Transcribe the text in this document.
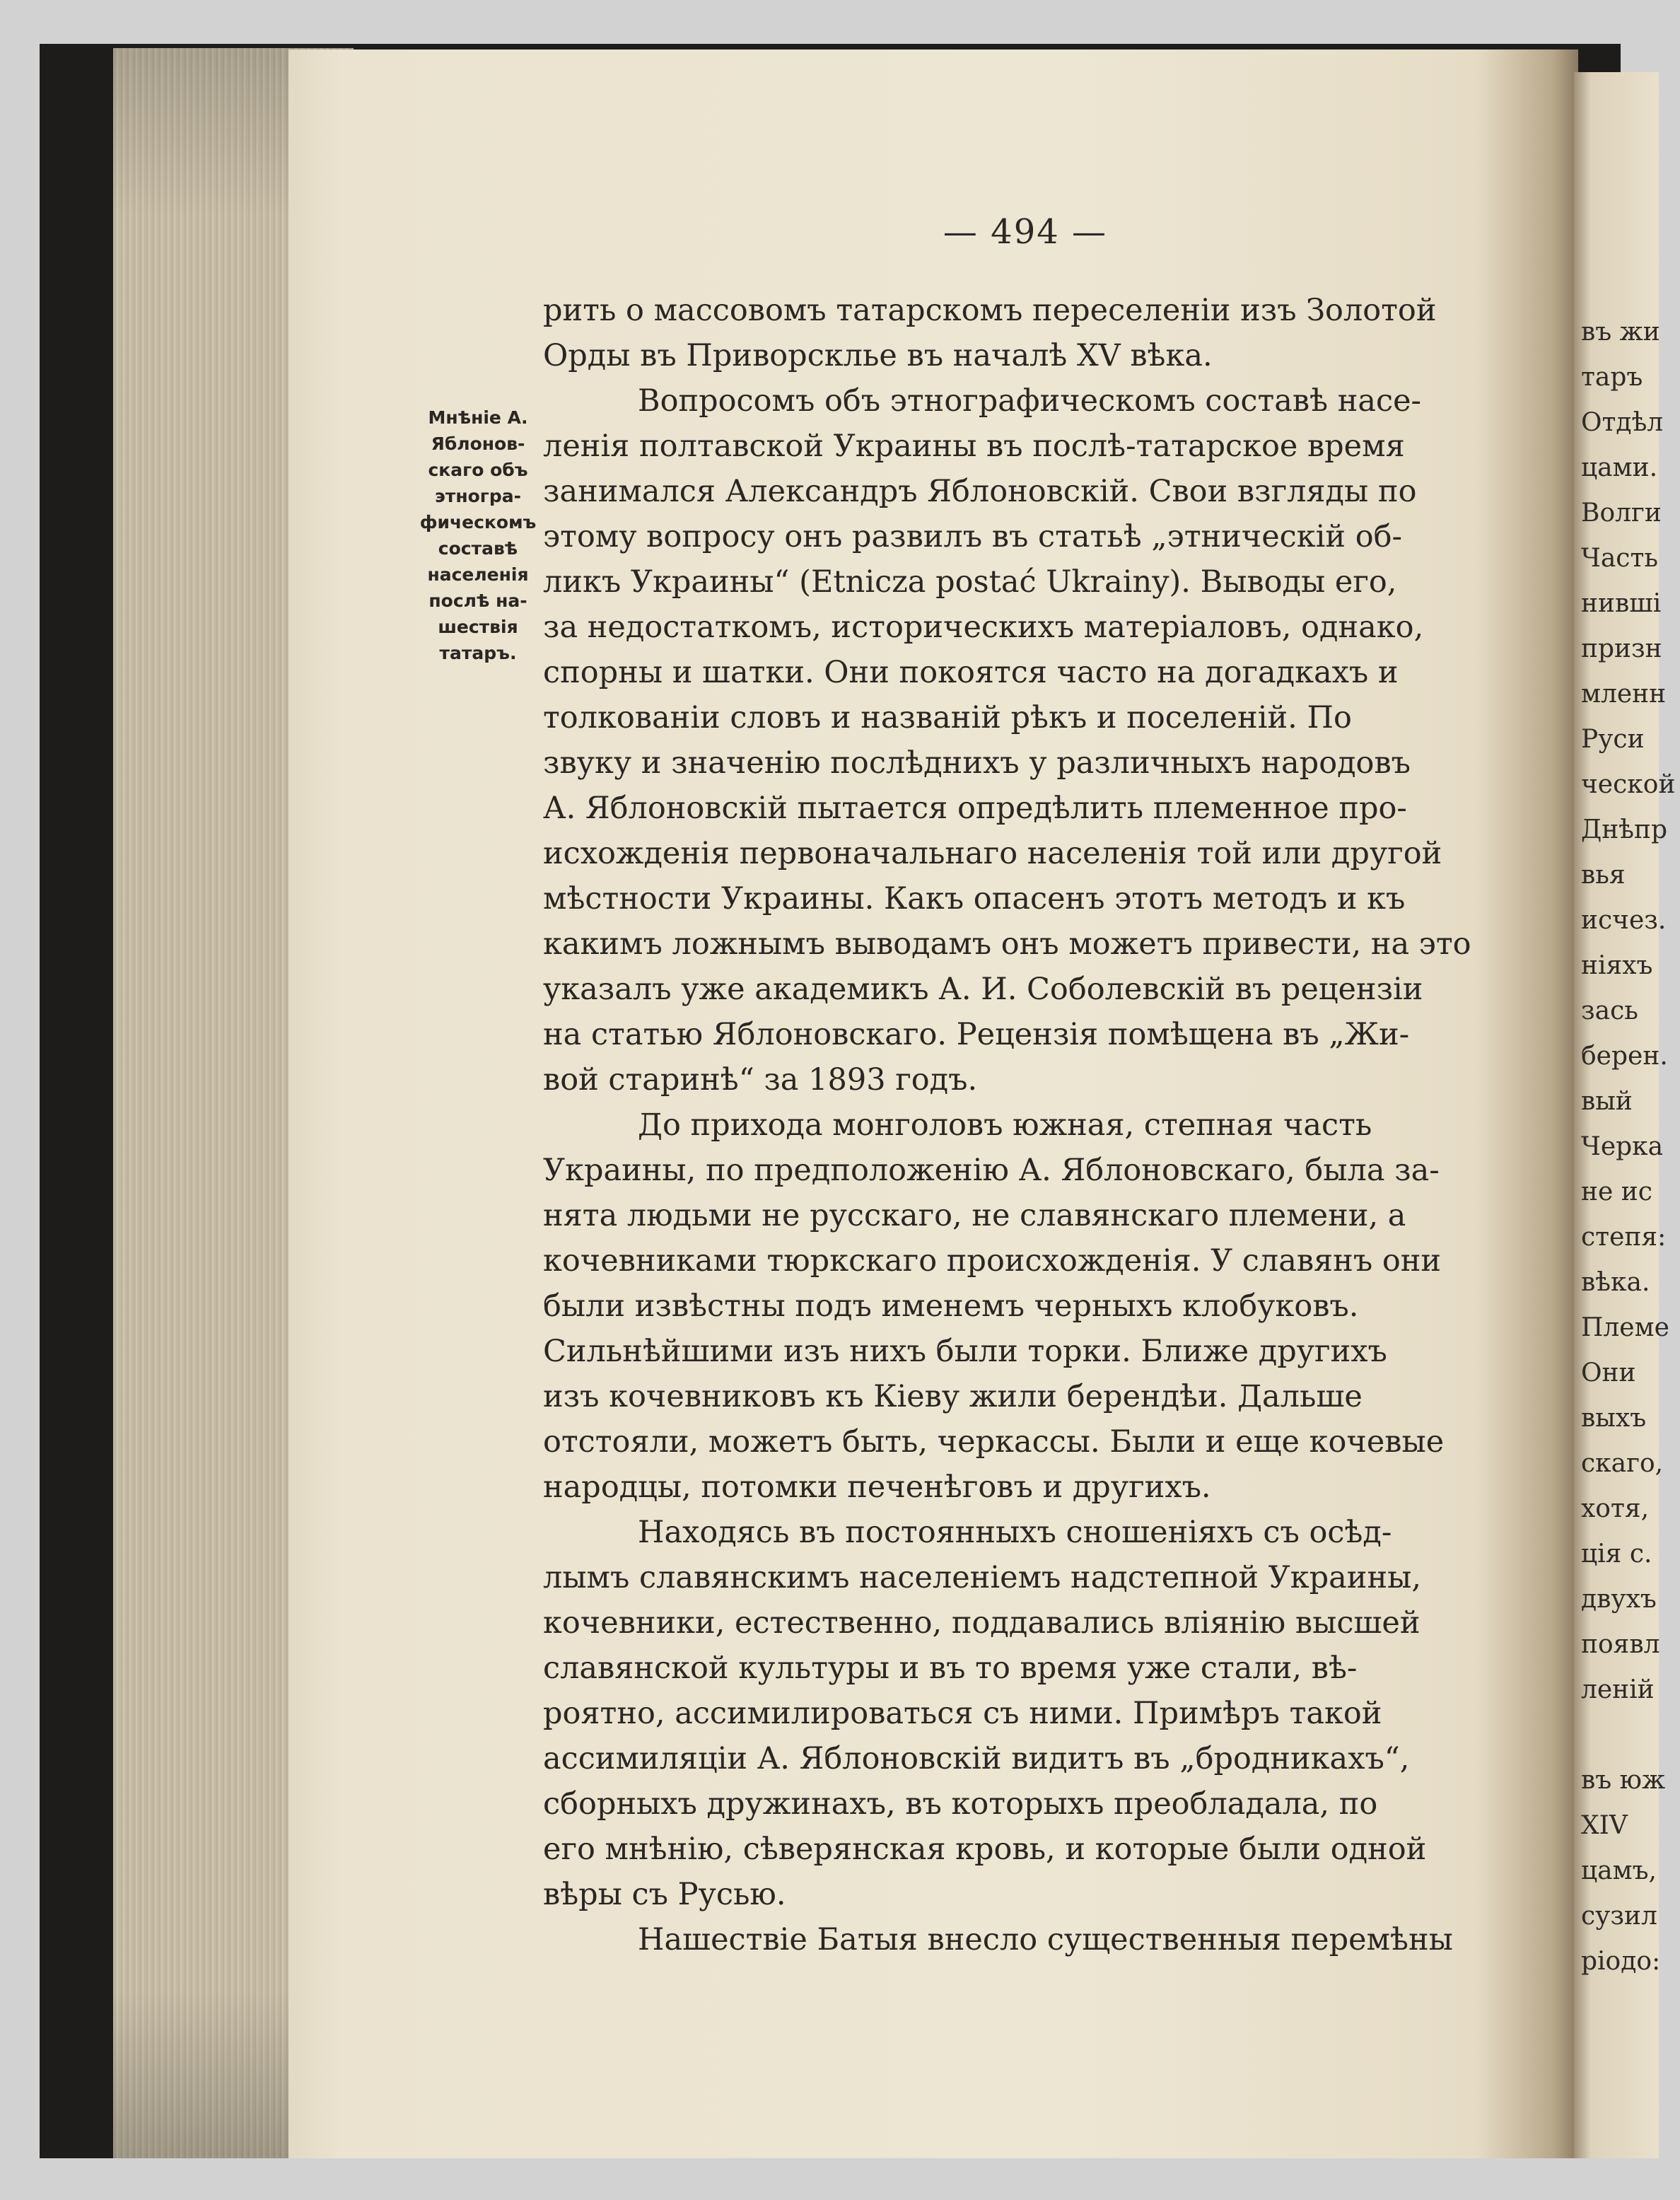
въ жи
таръ
Отдѣл
цами.
Волги
Часть
нивші
призн
мленн
Руси
ческой
Днѣпр
вья
исчез.
ніяхъ
зась
берен.
вый
Черка
не ис
степя:
вѣка.
Племе
Они
выхъ
скаго,
хотя,
ція с.
двухъ
появл
леній
въ юж
XIV
цамъ,
сузил
ріодо:
— 494 —
Мнѣніе А.
Яблонов-
скаго объ
этногра-
фическомъ
составѣ
населенія
послѣ на-
шествія
татаръ.
рить о массовомъ татарскомъ переселеніи изъ Золотой
Орды въ Приворсклье въ началѣ XV вѣка.
Вопросомъ объ этнографическомъ составѣ насе-
ленія полтавской Украины въ послѣ-татарское время
занимался Александръ Яблоновскій. Свои взгляды по
этому вопросу онъ развилъ въ статьѣ „этническій об-
ликъ Украины“ (Etnicza postać Ukrainy). Выводы его,
за недостаткомъ, историческихъ матеріаловъ, однако,
спорны и шатки. Они покоятся часто на догадкахъ и
толкованіи словъ и названій рѣкъ и поселеній. По
звуку и значенію послѣднихъ у различныхъ народовъ
А. Яблоновскій пытается опредѣлить племенное про-
исхожденія первоначальнаго населенія той или другой
мѣстности Украины. Какъ опасенъ этотъ методъ и къ
какимъ ложнымъ выводамъ онъ можетъ привести, на это
указалъ уже академикъ А. И. Соболевскій въ рецензіи
на статью Яблоновскаго. Рецензія помѣщена въ „Жи-
вой старинѣ“ за 1893 годъ.
До прихода монголовъ южная, степная часть
Украины, по предположенію А. Яблоновскаго, была за-
нята людьми не русскаго, не славянскаго племени, а
кочевниками тюркскаго происхожденія. У славянъ они
были извѣстны подъ именемъ черныхъ клобуковъ.
Сильнѣйшими изъ нихъ были торки. Ближе другихъ
изъ кочевниковъ къ Кіеву жили берендѣи. Дальше
отстояли, можетъ быть, черкассы. Были и еще кочевые
народцы, потомки печенѣговъ и другихъ.
Находясь въ постоянныхъ сношеніяхъ съ осѣд-
лымъ славянскимъ населеніемъ надстепной Украины,
кочевники, естественно, поддавались вліянію высшей
славянской культуры и въ то время уже стали, вѣ-
роятно, ассимилироваться съ ними. Примѣръ такой
ассимиляціи А. Яблоновскій видитъ въ „бродникахъ“,
сборныхъ дружинахъ, въ которыхъ преобладала, по
его мнѣнію, сѣверянская кровь, и которые были одной
вѣры съ Русью.
Нашествіе Батыя внесло существенныя перемѣны
